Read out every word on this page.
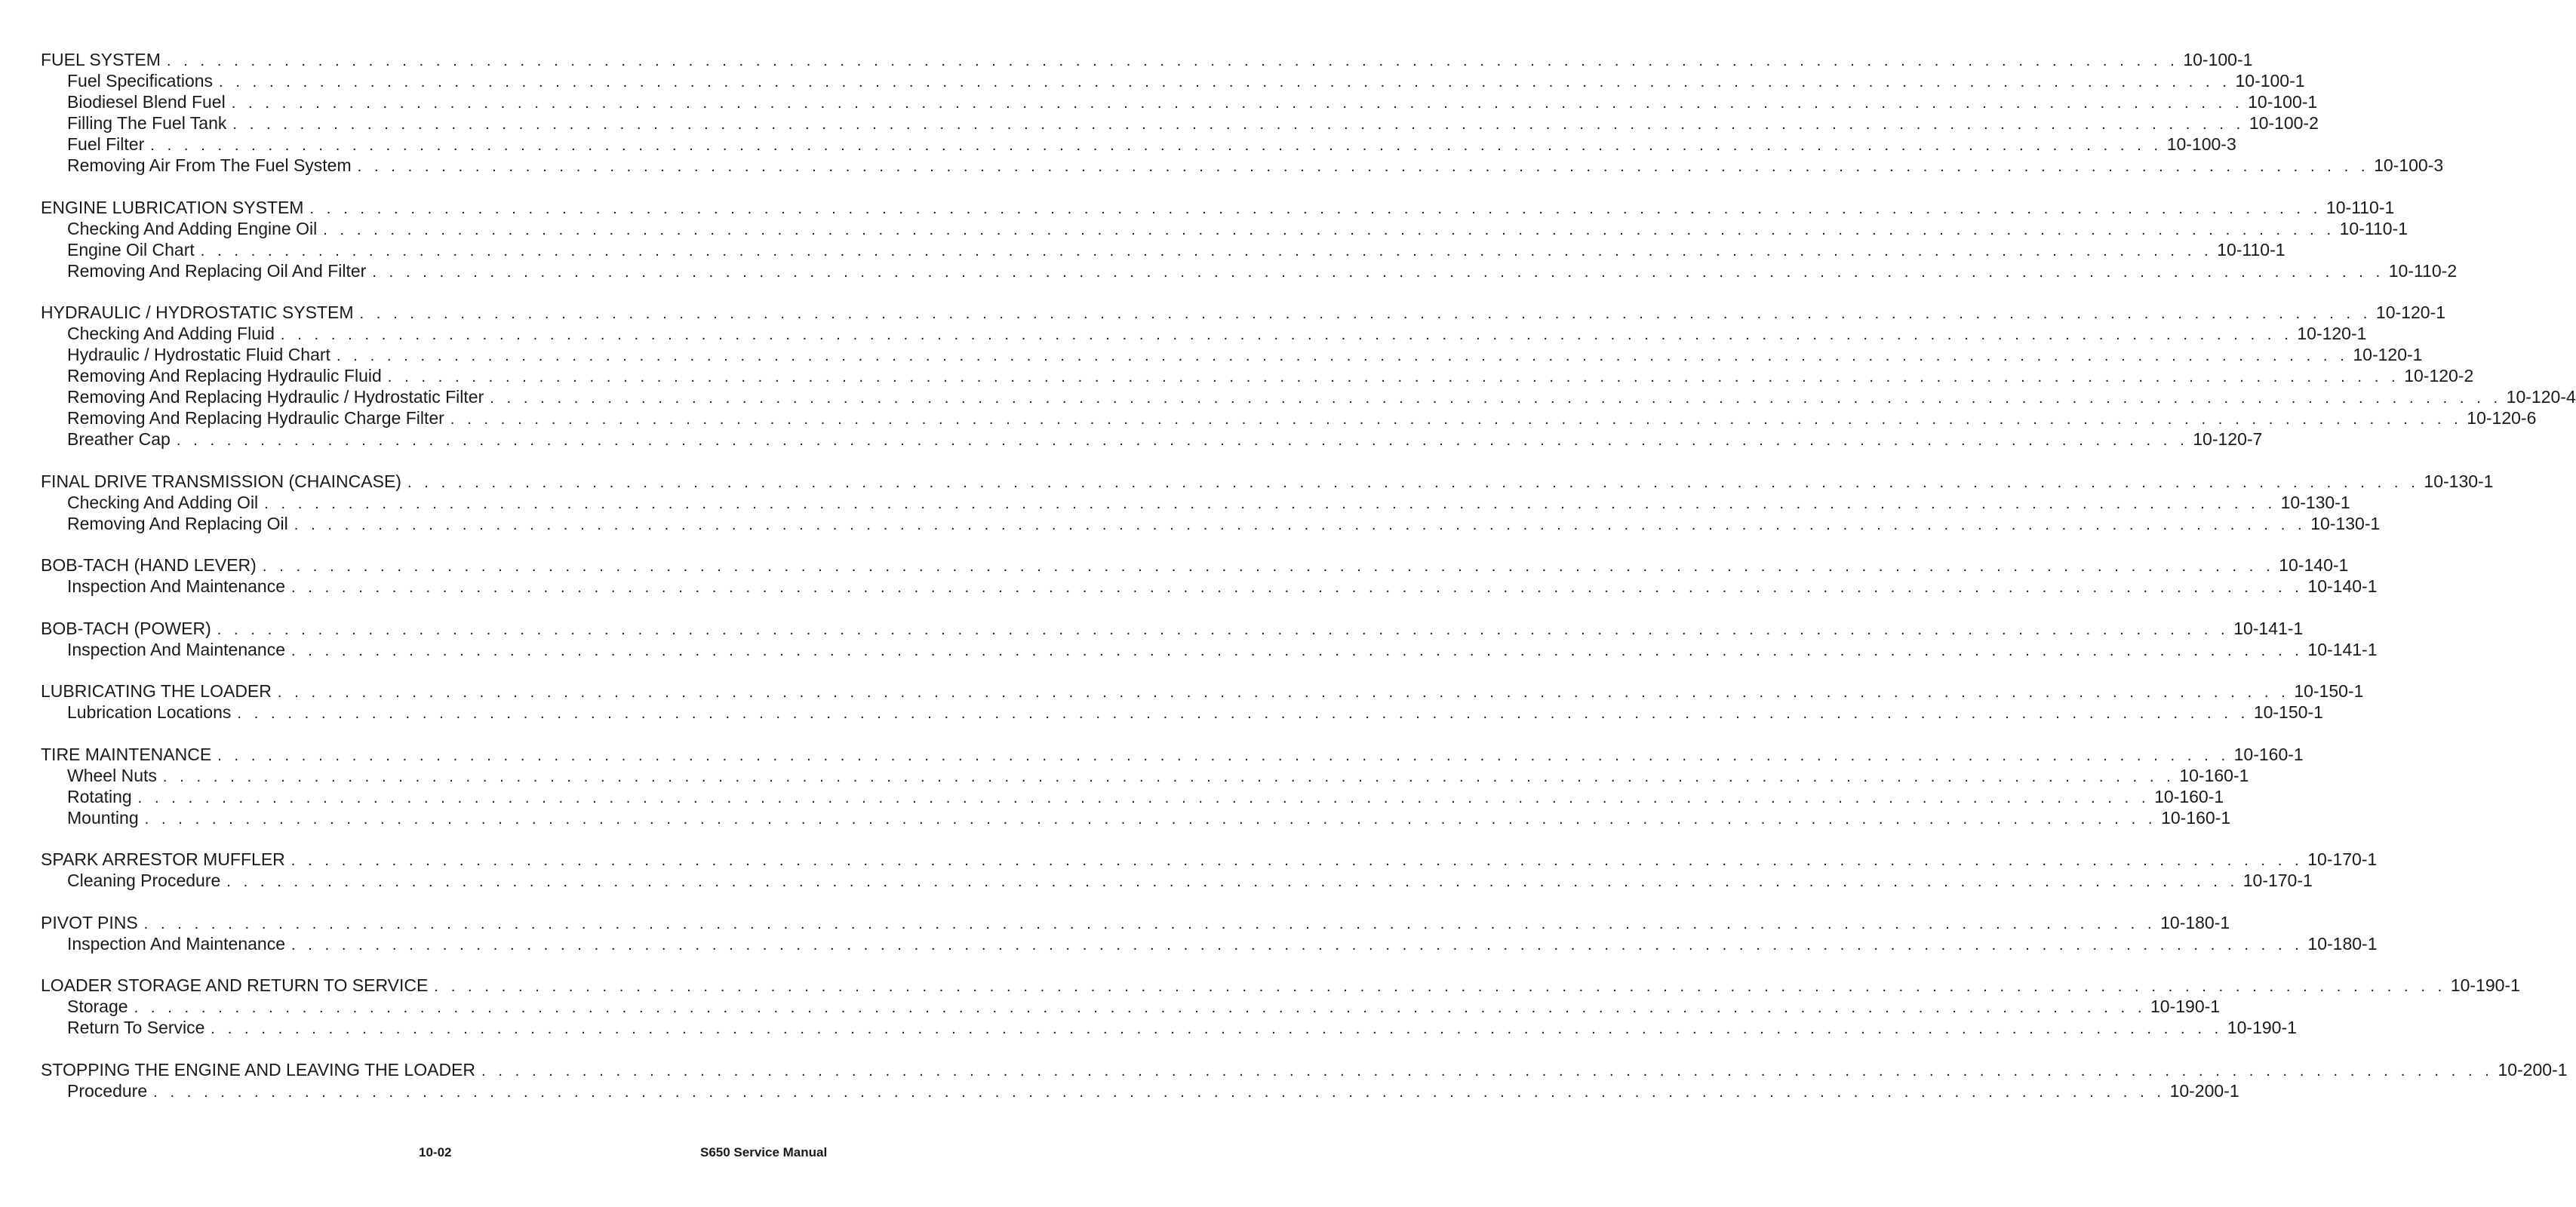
FUEL SYSTEM . . . . . . . . . . . . . . . . . . . . . . . . . . . . . . . . . . . . . . . . . . . . . . . . . . . . . . . . . . . . . . . . . . . . . . . . . . . . . . . . . . . . . . . . . . . . . . . . . . . . . . . . . . . . . . . . . . . . . . . . 10-100-1
Fuel Specifications . . . . . . . . . . . . . . . . . . . . . . . . . . . . . . . . . . . . . . . . . . . . . . . . . . . . . . . . . . . . . . . . . . . . . . . . . . . . . . . . . . . . . . . . . . . . . . . . . . . . . . . . . . . . . . . . . . . . . . . . 10-100-1
Biodiesel Blend Fuel . . . . . . . . . . . . . . . . . . . . . . . . . . . . . . . . . . . . . . . . . . . . . . . . . . . . . . . . . . . . . . . . . . . . . . . . . . . . . . . . . . . . . . . . . . . . . . . . . . . . . . . . . . . . . . . . . . . . . . . . 10-100-1
Filling The Fuel Tank . . . . . . . . . . . . . . . . . . . . . . . . . . . . . . . . . . . . . . . . . . . . . . . . . . . . . . . . . . . . . . . . . . . . . . . . . . . . . . . . . . . . . . . . . . . . . . . . . . . . . . . . . . . . . . . . . . . . . . . . 10-100-2
Fuel Filter . . . . . . . . . . . . . . . . . . . . . . . . . . . . . . . . . . . . . . . . . . . . . . . . . . . . . . . . . . . . . . . . . . . . . . . . . . . . . . . . . . . . . . . . . . . . . . . . . . . . . . . . . . . . . . . . . . . . . . . . 10-100-3
Removing Air From The Fuel System . . . . . . . . . . . . . . . . . . . . . . . . . . . . . . . . . . . . . . . . . . . . . . . . . . . . . . . . . . . . . . . . . . . . . . . . . . . . . . . . . . . . . . . . . . . . . . . . . . . . . . . . . . . . . . . . . . . . . . . . 10-100-3
ENGINE LUBRICATION SYSTEM . . . . . . . . . . . . . . . . . . . . . . . . . . . . . . . . . . . . . . . . . . . . . . . . . . . . . . . . . . . . . . . . . . . . . . . . . . . . . . . . . . . . . . . . . . . . . . . . . . . . . . . . . . . . . . . . . . . . . . . . 10-110-1
Checking And Adding Engine Oil . . . . . . . . . . . . . . . . . . . . . . . . . . . . . . . . . . . . . . . . . . . . . . . . . . . . . . . . . . . . . . . . . . . . . . . . . . . . . . . . . . . . . . . . . . . . . . . . . . . . . . . . . . . . . . . . . . . . . . . . 10-110-1
Engine Oil Chart . . . . . . . . . . . . . . . . . . . . . . . . . . . . . . . . . . . . . . . . . . . . . . . . . . . . . . . . . . . . . . . . . . . . . . . . . . . . . . . . . . . . . . . . . . . . . . . . . . . . . . . . . . . . . . . . . . . . . . . . 10-110-1
Removing And Replacing Oil And Filter . . . . . . . . . . . . . . . . . . . . . . . . . . . . . . . . . . . . . . . . . . . . . . . . . . . . . . . . . . . . . . . . . . . . . . . . . . . . . . . . . . . . . . . . . . . . . . . . . . . . . . . . . . . . . . . . . . . . . . . . 10-110-2
HYDRAULIC / HYDROSTATIC SYSTEM . . . . . . . . . . . . . . . . . . . . . . . . . . . . . . . . . . . . . . . . . . . . . . . . . . . . . . . . . . . . . . . . . . . . . . . . . . . . . . . . . . . . . . . . . . . . . . . . . . . . . . . . . . . . . . . . . . . . . . . . 10-120-1
Checking And Adding Fluid . . . . . . . . . . . . . . . . . . . . . . . . . . . . . . . . . . . . . . . . . . . . . . . . . . . . . . . . . . . . . . . . . . . . . . . . . . . . . . . . . . . . . . . . . . . . . . . . . . . . . . . . . . . . . . . . . . . . . . . . 10-120-1
Hydraulic / Hydrostatic Fluid Chart . . . . . . . . . . . . . . . . . . . . . . . . . . . . . . . . . . . . . . . . . . . . . . . . . . . . . . . . . . . . . . . . . . . . . . . . . . . . . . . . . . . . . . . . . . . . . . . . . . . . . . . . . . . . . . . . . . . . . . . . 10-120-1
Removing And Replacing Hydraulic Fluid . . . . . . . . . . . . . . . . . . . . . . . . . . . . . . . . . . . . . . . . . . . . . . . . . . . . . . . . . . . . . . . . . . . . . . . . . . . . . . . . . . . . . . . . . . . . . . . . . . . . . . . . . . . . . . . . . . . . . . . . 10-120-2
Removing And Replacing Hydraulic / Hydrostatic Filter . . . . . . . . . . . . . . . . . . . . . . . . . . . . . . . . . . . . . . . . . . . . . . . . . . . . . . . . . . . . . . . . . . . . . . . . . . . . . . . . . . . . . . . . . . . . . . . . . . . . . . . . . . . . . . . . . . . . . . . . 10-120-4
Removing And Replacing Hydraulic Charge Filter . . . . . . . . . . . . . . . . . . . . . . . . . . . . . . . . . . . . . . . . . . . . . . . . . . . . . . . . . . . . . . . . . . . . . . . . . . . . . . . . . . . . . . . . . . . . . . . . . . . . . . . . . . . . . . . . . . . . . . . . 10-120-6
Breather Cap . . . . . . . . . . . . . . . . . . . . . . . . . . . . . . . . . . . . . . . . . . . . . . . . . . . . . . . . . . . . . . . . . . . . . . . . . . . . . . . . . . . . . . . . . . . . . . . . . . . . . . . . . . . . . . . . . . . . . . . . 10-120-7
FINAL DRIVE TRANSMISSION (CHAINCASE) . . . . . . . . . . . . . . . . . . . . . . . . . . . . . . . . . . . . . . . . . . . . . . . . . . . . . . . . . . . . . . . . . . . . . . . . . . . . . . . . . . . . . . . . . . . . . . . . . . . . . . . . . . . . . . . . . . . . . . . . 10-130-1
Checking And Adding Oil . . . . . . . . . . . . . . . . . . . . . . . . . . . . . . . . . . . . . . . . . . . . . . . . . . . . . . . . . . . . . . . . . . . . . . . . . . . . . . . . . . . . . . . . . . . . . . . . . . . . . . . . . . . . . . . . . . . . . . . . 10-130-1
Removing And Replacing Oil . . . . . . . . . . . . . . . . . . . . . . . . . . . . . . . . . . . . . . . . . . . . . . . . . . . . . . . . . . . . . . . . . . . . . . . . . . . . . . . . . . . . . . . . . . . . . . . . . . . . . . . . . . . . . . . . . . . . . . . . 10-130-1
BOB-TACH (HAND LEVER) . . . . . . . . . . . . . . . . . . . . . . . . . . . . . . . . . . . . . . . . . . . . . . . . . . . . . . . . . . . . . . . . . . . . . . . . . . . . . . . . . . . . . . . . . . . . . . . . . . . . . . . . . . . . . . . . . . . . . . . . 10-140-1
Inspection And Maintenance . . . . . . . . . . . . . . . . . . . . . . . . . . . . . . . . . . . . . . . . . . . . . . . . . . . . . . . . . . . . . . . . . . . . . . . . . . . . . . . . . . . . . . . . . . . . . . . . . . . . . . . . . . . . . . . . . . . . . . . . 10-140-1
BOB-TACH (POWER) . . . . . . . . . . . . . . . . . . . . . . . . . . . . . . . . . . . . . . . . . . . . . . . . . . . . . . . . . . . . . . . . . . . . . . . . . . . . . . . . . . . . . . . . . . . . . . . . . . . . . . . . . . . . . . . . . . . . . . . . 10-141-1
Inspection And Maintenance . . . . . . . . . . . . . . . . . . . . . . . . . . . . . . . . . . . . . . . . . . . . . . . . . . . . . . . . . . . . . . . . . . . . . . . . . . . . . . . . . . . . . . . . . . . . . . . . . . . . . . . . . . . . . . . . . . . . . . . . 10-141-1
LUBRICATING THE LOADER . . . . . . . . . . . . . . . . . . . . . . . . . . . . . . . . . . . . . . . . . . . . . . . . . . . . . . . . . . . . . . . . . . . . . . . . . . . . . . . . . . . . . . . . . . . . . . . . . . . . . . . . . . . . . . . . . . . . . . . . 10-150-1
Lubrication Locations . . . . . . . . . . . . . . . . . . . . . . . . . . . . . . . . . . . . . . . . . . . . . . . . . . . . . . . . . . . . . . . . . . . . . . . . . . . . . . . . . . . . . . . . . . . . . . . . . . . . . . . . . . . . . . . . . . . . . . . . 10-150-1
TIRE MAINTENANCE . . . . . . . . . . . . . . . . . . . . . . . . . . . . . . . . . . . . . . . . . . . . . . . . . . . . . . . . . . . . . . . . . . . . . . . . . . . . . . . . . . . . . . . . . . . . . . . . . . . . . . . . . . . . . . . . . . . . . . . . 10-160-1
Wheel Nuts . . . . . . . . . . . . . . . . . . . . . . . . . . . . . . . . . . . . . . . . . . . . . . . . . . . . . . . . . . . . . . . . . . . . . . . . . . . . . . . . . . . . . . . . . . . . . . . . . . . . . . . . . . . . . . . . . . . . . . . . 10-160-1
Rotating . . . . . . . . . . . . . . . . . . . . . . . . . . . . . . . . . . . . . . . . . . . . . . . . . . . . . . . . . . . . . . . . . . . . . . . . . . . . . . . . . . . . . . . . . . . . . . . . . . . . . . . . . . . . . . . . . . . . . . . . 10-160-1
Mounting . . . . . . . . . . . . . . . . . . . . . . . . . . . . . . . . . . . . . . . . . . . . . . . . . . . . . . . . . . . . . . . . . . . . . . . . . . . . . . . . . . . . . . . . . . . . . . . . . . . . . . . . . . . . . . . . . . . . . . . . 10-160-1
SPARK ARRESTOR MUFFLER . . . . . . . . . . . . . . . . . . . . . . . . . . . . . . . . . . . . . . . . . . . . . . . . . . . . . . . . . . . . . . . . . . . . . . . . . . . . . . . . . . . . . . . . . . . . . . . . . . . . . . . . . . . . . . . . . . . . . . . . 10-170-1
Cleaning Procedure . . . . . . . . . . . . . . . . . . . . . . . . . . . . . . . . . . . . . . . . . . . . . . . . . . . . . . . . . . . . . . . . . . . . . . . . . . . . . . . . . . . . . . . . . . . . . . . . . . . . . . . . . . . . . . . . . . . . . . . . 10-170-1
PIVOT PINS . . . . . . . . . . . . . . . . . . . . . . . . . . . . . . . . . . . . . . . . . . . . . . . . . . . . . . . . . . . . . . . . . . . . . . . . . . . . . . . . . . . . . . . . . . . . . . . . . . . . . . . . . . . . . . . . . . . . . . . . 10-180-1
Inspection And Maintenance . . . . . . . . . . . . . . . . . . . . . . . . . . . . . . . . . . . . . . . . . . . . . . . . . . . . . . . . . . . . . . . . . . . . . . . . . . . . . . . . . . . . . . . . . . . . . . . . . . . . . . . . . . . . . . . . . . . . . . . . 10-180-1
LOADER STORAGE AND RETURN TO SERVICE . . . . . . . . . . . . . . . . . . . . . . . . . . . . . . . . . . . . . . . . . . . . . . . . . . . . . . . . . . . . . . . . . . . . . . . . . . . . . . . . . . . . . . . . . . . . . . . . . . . . . . . . . . . . . . . . . . . . . . . . 10-190-1
Storage . . . . . . . . . . . . . . . . . . . . . . . . . . . . . . . . . . . . . . . . . . . . . . . . . . . . . . . . . . . . . . . . . . . . . . . . . . . . . . . . . . . . . . . . . . . . . . . . . . . . . . . . . . . . . . . . . . . . . . . . 10-190-1
Return To Service . . . . . . . . . . . . . . . . . . . . . . . . . . . . . . . . . . . . . . . . . . . . . . . . . . . . . . . . . . . . . . . . . . . . . . . . . . . . . . . . . . . . . . . . . . . . . . . . . . . . . . . . . . . . . . . . . . . . . . . . 10-190-1
STOPPING THE ENGINE AND LEAVING THE LOADER . . . . . . . . . . . . . . . . . . . . . . . . . . . . . . . . . . . . . . . . . . . . . . . . . . . . . . . . . . . . . . . . . . . . . . . . . . . . . . . . . . . . . . . . . . . . . . . . . . . . . . . . . . . . . . . . . . . . . . . . 10-200-1
Procedure . . . . . . . . . . . . . . . . . . . . . . . . . . . . . . . . . . . . . . . . . . . . . . . . . . . . . . . . . . . . . . . . . . . . . . . . . . . . . . . . . . . . . . . . . . . . . . . . . . . . . . . . . . . . . . . . . . . . . . . . 10-200-1
10-02	S650 Service Manual
